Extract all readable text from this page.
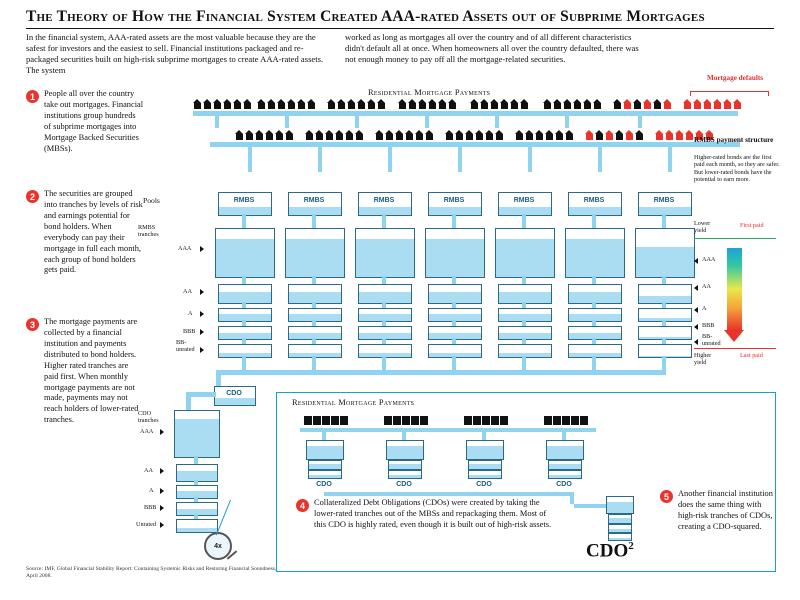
The Theory of How the Financial System Created AAA-rated Assets out of Subprime Mortgages
In the financial system, AAA-rated assets are the most valuable because they are the safest for investors and the easiest to sell. Financial institutions packaged and re-packaged securities built on high-risk subprime mortgages to create AAA-rated assets. The system
worked as long as mortgages all over the country and of all different characteristics didn't default all at once. When homeowners all over the country defaulted, there was not enough money to pay off all the mortgage-related securities.
1	People all over the country take out mortgages. Financial institutions group hundreds of subprime mortgages into Mortgage Backed Securities (MBSs).
2	The securities are grouped into tranches by levels of risk and earnings potential for bond holders. When everybody can pay their mortgage in full each month, each group of bond holders gets paid.
3	The mortgage payments are collected by a financial institution and payments distributed to bond holders. Higher rated tranches are paid first. When monthly mortgage payments are not made, payments may not reach holders of lower-rated tranches.
Residential Mortgage Payments
Mortgage defaults
RMBS payment structure
Higher-rated bonds are the first paid each month, so they are safer. But lower-rated bonds have the potential to earn more.
Pools
RMBS tranches
RMBS	RMBS	RMBS	RMBS	RMBS	RMBS	RMBS
AAA
AA
A
BBB
BB-unrated
Lower yield
Higher yield
First paid
Last paid
AAA
AA
A
BBB
BB-unrated
CDO tranches
CDO
AAA
AA
A
BBB
Unrated
4x
Residential Mortgage Payments
CDO	CDO	CDO	CDO
CDO$^2$
4	Collateralized Debt Obligations (CDOs) were created by taking the lower-rated tranches out of the MBSs and repackaging them. Most of this CDO is highly rated, even though it is built out of high-risk assets.
5	Another financial institution does the same thing with high-risk tranches of CDOs, creating a CDO-squared.
Source: IMF, Global Financial Stability Report: Containing Systemic Risks and Restoring Financial Soundness, April 2008.
